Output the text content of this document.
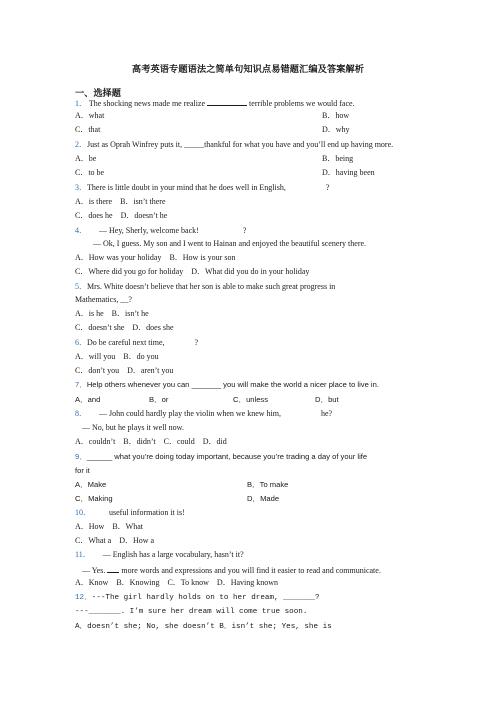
高考英语专题语法之简单句知识点易错题汇编及答案解析
一、选择题
1． The shocking news made me realize	terrible problems we would face.
A．what	B．how
C．that	D．why
2．Just as Oprah Winfrey puts it, _____thankful for what you have and you’ll end up having more.
A．be	B．being
C．to be	D．having been
3．There is little doubt in your mind that he does well in English,	?
A．is there B．isn’t there
C．does he D．doesn’t he
4． — Hey, Sherly, welcome back!	?
— Ok, I guess. My son and I went to Hainan and enjoyed the beautiful scenery there.
A．How was your holiday B．How is your son
C．Where did you go for holiday D．What did you do in your holiday
5．Mrs. White doesn’t believe that her son is able to make such great progress in
Mathematics, __?
A．is he B．isn’t he
C．doesn’t she D．does she
6．Do be careful next time,	?
A．will you B．do you
C．don’t you D．aren’t you
7．Help others whenever you can _______ you will make the world a nicer place to live in.
A．and	B．or	C．unless	D．but
8． — John could hardly play the violin when we knew him,	he?
— No, but he plays it well now.
A．couldn’t B．didn’t C．could D．did
9．______ what you’re doing today important, because you’re trading a day of your life
for it
A．Make	B．To make
C．Making	D．Made
10． useful information it is!
A．How B．What
C．What a D．How a
11． — English has a large vocabulary, hasn’t it?
— Yes. more words and expressions and you will find it easier to read and communicate.
A．Know B．Knowing C．To know D．Having known
12．---The girl hardly holds on to her dream, _______?
---_______. I’m sure her dream will come true soon.
A．doesn’t she; No, she doesn’t B．isn’t she; Yes, she is
